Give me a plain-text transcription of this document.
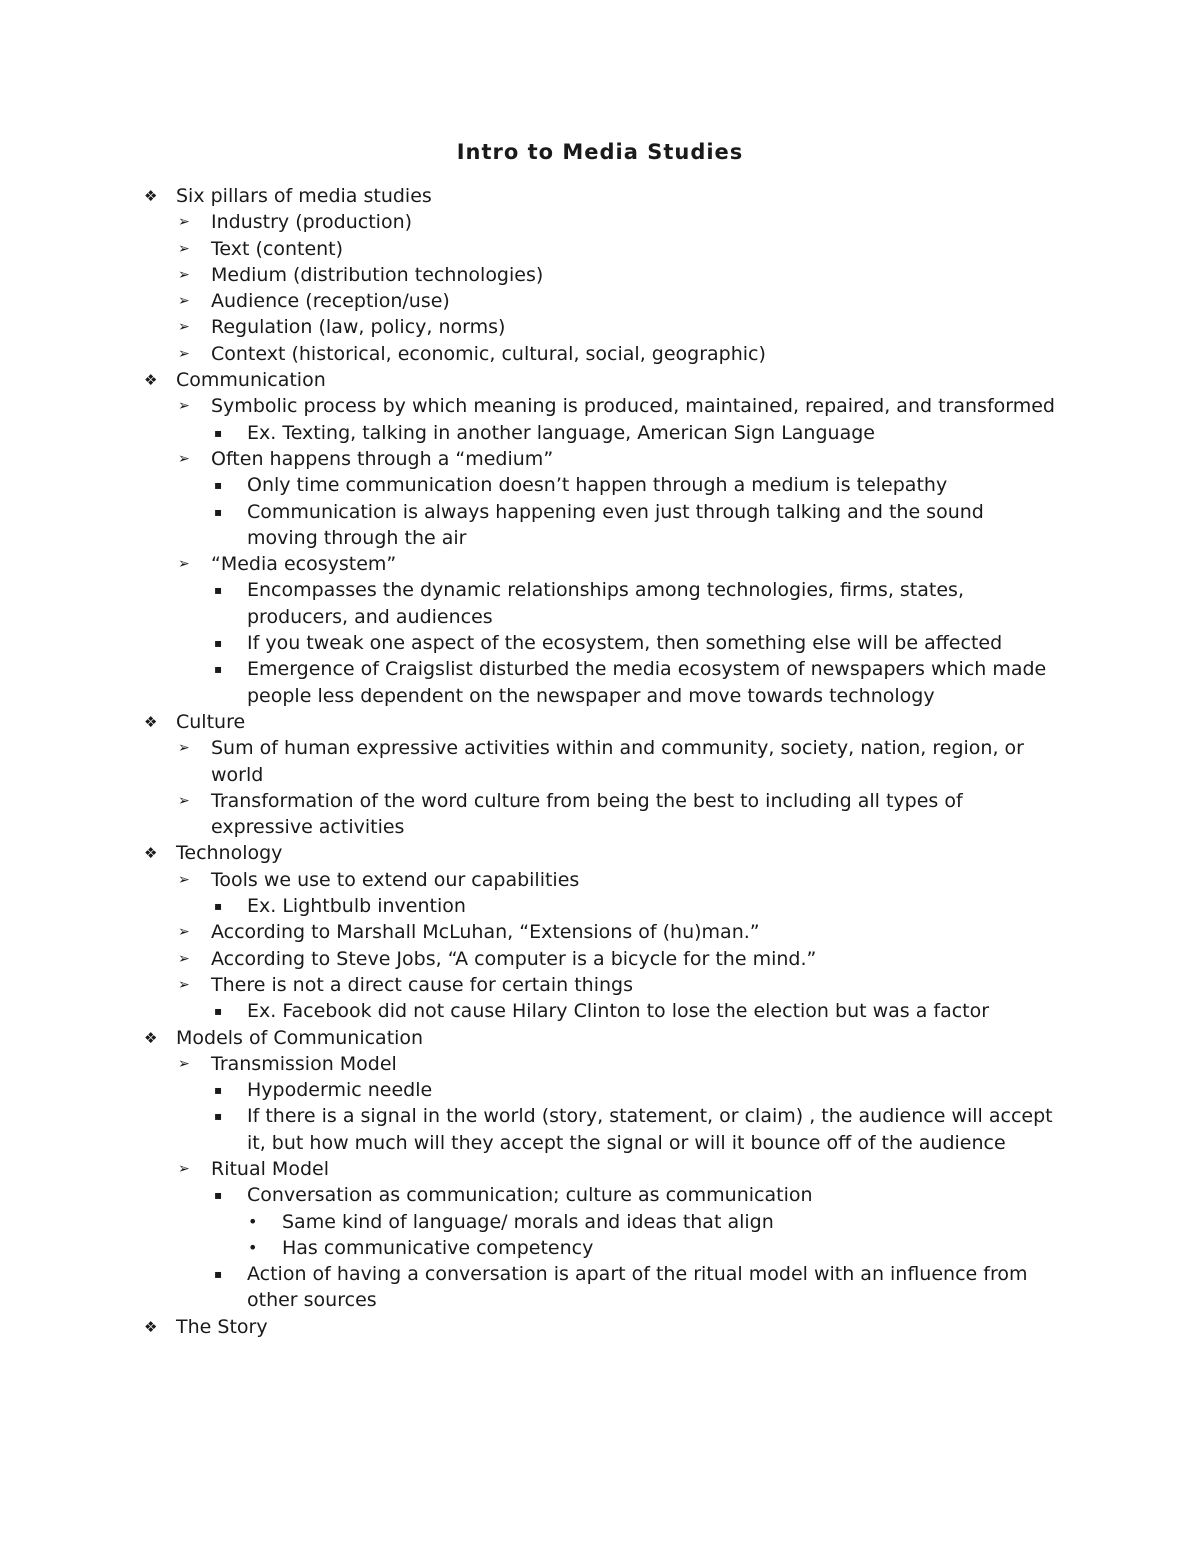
Intro to Media Studies
❖ Six pillars of media studies
➢	Industry (production)
➢	Text (content)
➢	Medium (distribution technologies)
➢	Audience (reception/use)
➢	Regulation (law, policy, norms)
➢	Context (historical, economic, cultural, social, geographic)
❖ Communication
➢	Symbolic process by which meaning is produced, maintained, repaired, and transformed
▪	Ex. Texting, talking in another language, American Sign Language
➢	Often happens through a “medium”
▪	Only time communication doesn’t happen through a medium is telepathy
▪	Communication is always happening even just through talking and the sound moving through the air
➢	“Media ecosystem”
▪	Encompasses the dynamic relationships among technologies, firms, states, producers, and audiences
▪	If you tweak one aspect of the ecosystem, then something else will be affected
▪	Emergence of Craigslist disturbed the media ecosystem of newspapers which made people less dependent on the newspaper and move towards technology
❖ Culture
➢	Sum of human expressive activities within and community, society, nation, region, or world
➢	Transformation of the word culture from being the best to including all types of expressive activities
❖ Technology
➢	Tools we use to extend our capabilities
▪	Ex. Lightbulb invention
➢	According to Marshall McLuhan, “Extensions of (hu)man.”
➢	According to Steve Jobs, “A computer is a bicycle for the mind.”
➢	There is not a direct cause for certain things
▪	Ex. Facebook did not cause Hilary Clinton to lose the election but was a factor
❖ Models of Communication
➢	Transmission Model
▪	Hypodermic needle
▪	If there is a signal in the world (story, statement, or claim) , the audience will accept it, but how much will they accept the signal or will it bounce off of the audience
➢	Ritual Model
▪	Conversation as communication; culture as communication
•	Same kind of language/ morals and ideas that align
•	Has communicative competency
▪	Action of having a conversation is apart of the ritual model with an influence from other sources
❖ The Story
